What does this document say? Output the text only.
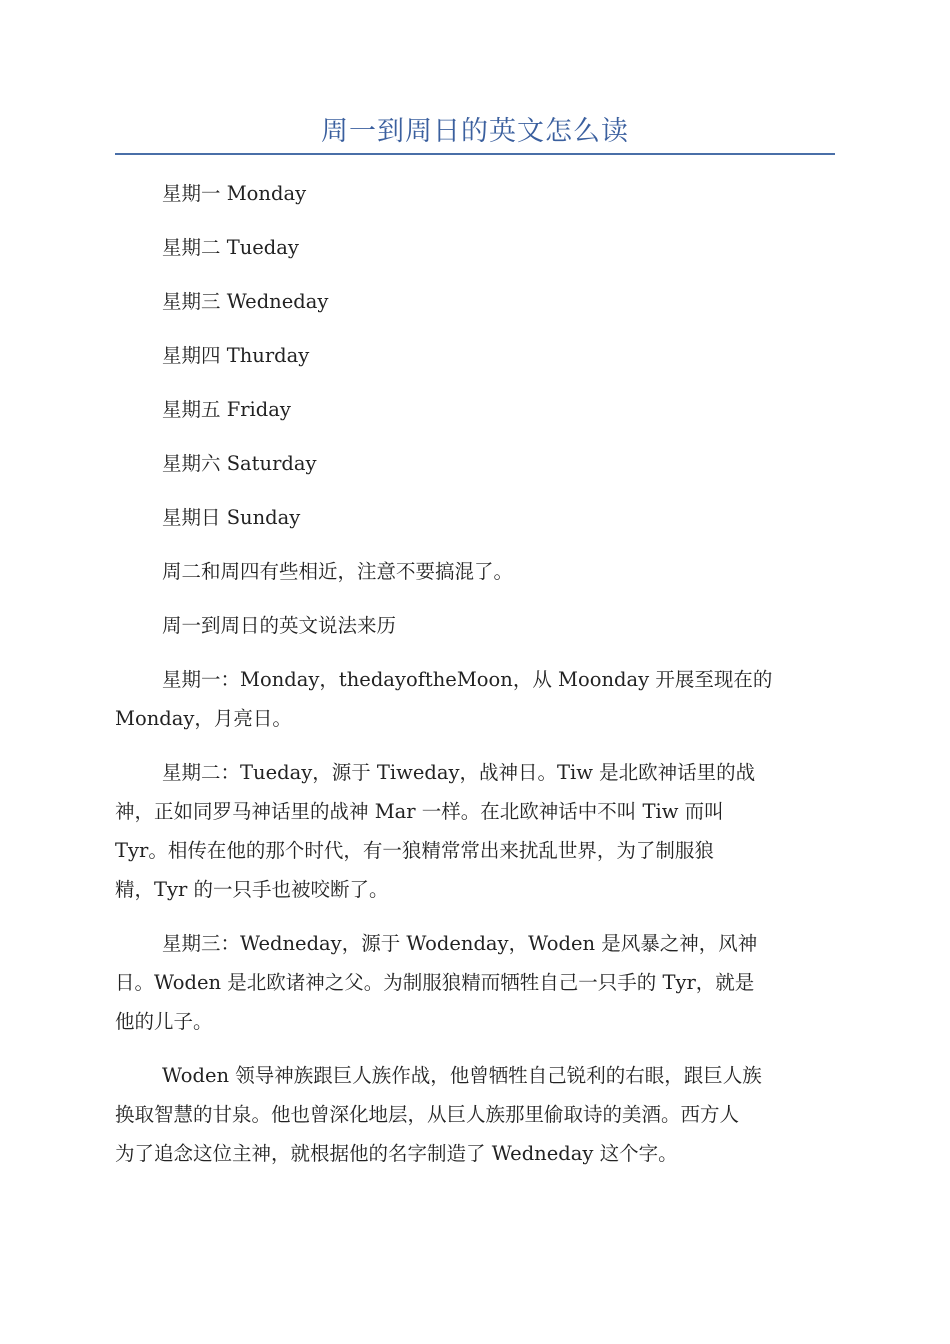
周一到周日的英文怎么读

星期一 Monday

星期二 Tueday

星期三 Wedneday

星期四 Thurday

星期五 Friday

星期六 Saturday

星期日 Sunday

周二和周四有些相近，注意不要搞混了。

周一到周日的英文说法来历

星期一：Monday，thedayoftheMoon，从 Moonday 开展至现在的
Monday，月亮日。
星期二：Tueday，源于 Tiweday，战神日。Tiw 是北欧神话里的战
神，正如同罗马神话里的战神 Mar 一样。在北欧神话中不叫 Tiw 而叫
Tyr。相传在他的那个时代，有一狼精常常出来扰乱世界，为了制服狼
精，Tyr 的一只手也被咬断了。
星期三：Wedneday，源于 Wodenday，Woden 是风暴之神，风神
日。Woden 是北欧诸神之父。为制服狼精而牺牲自己一只手的 Tyr，就是
他的儿子。
Woden 领导神族跟巨人族作战，他曾牺牲自己锐利的右眼，跟巨人族
换取智慧的甘泉。他也曾深化地层，从巨人族那里偷取诗的美酒。西方人
为了追念这位主神，就根据他的名字制造了 Wedneday 这个字。
